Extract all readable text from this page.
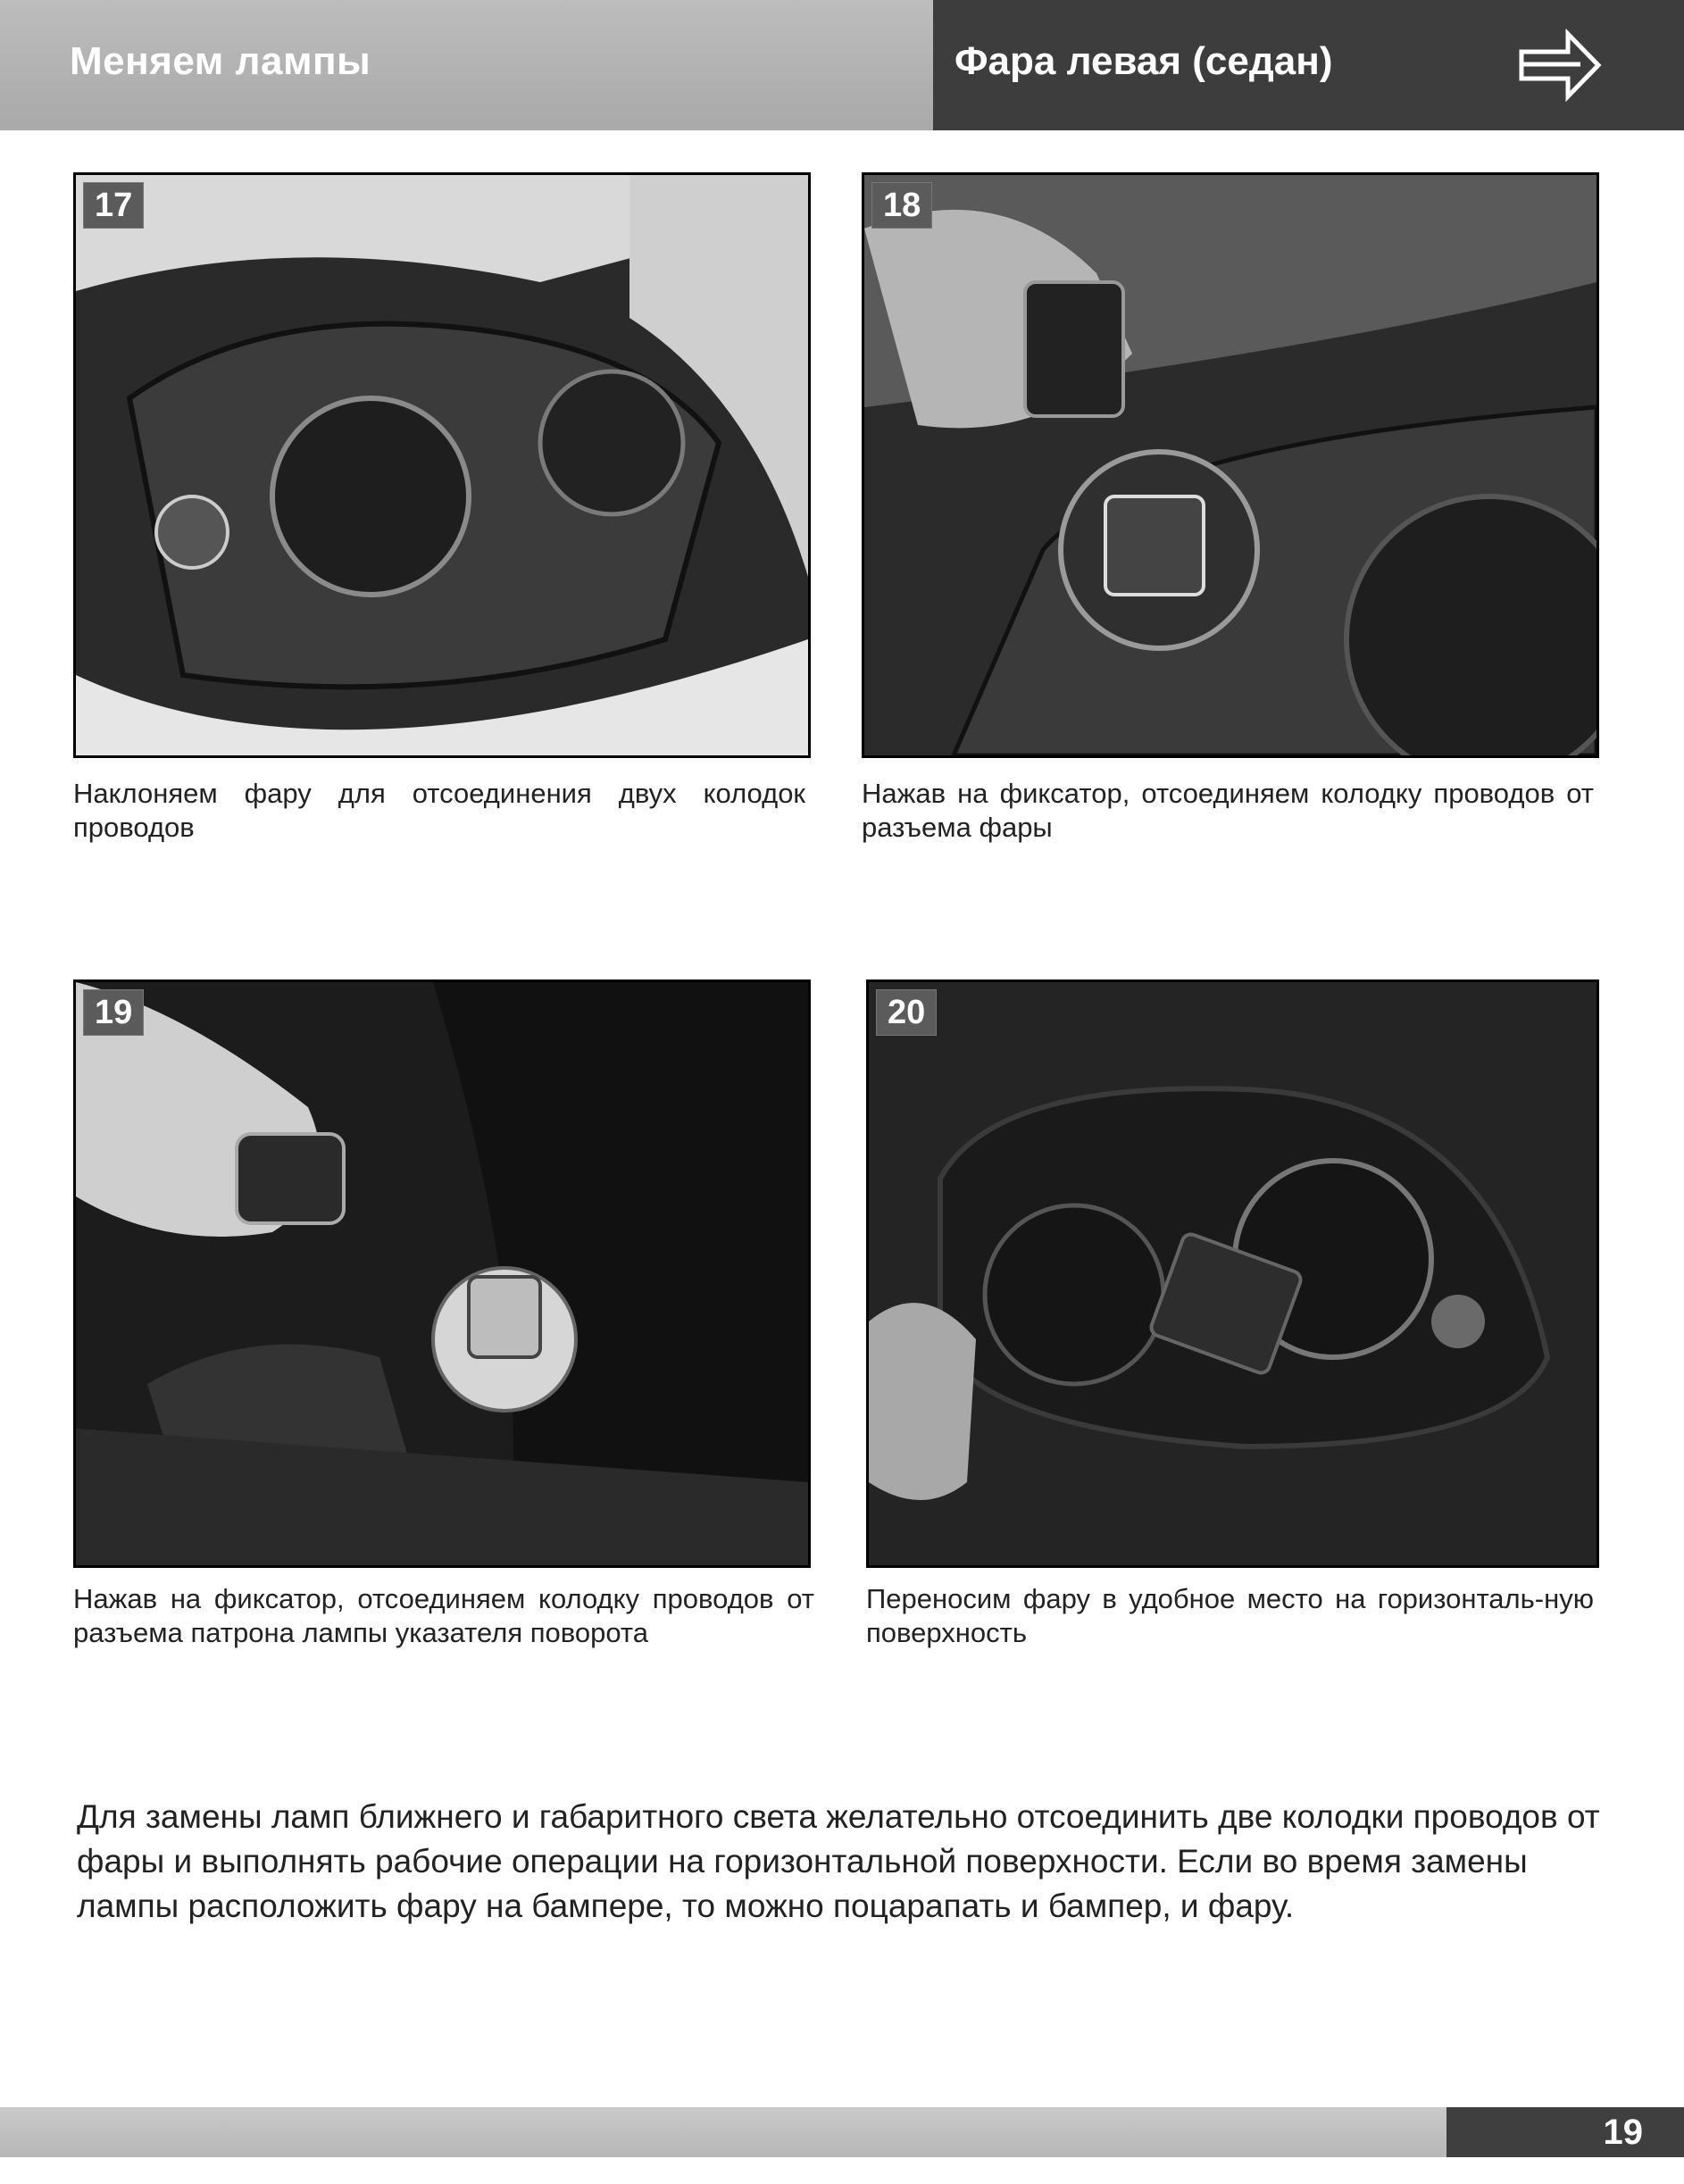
Меняем лампы	Фара левая (седан)
17
Наклоняем фару для отсоединения двух колодок проводов
18
Нажав на фиксатор, отсоединяем колодку проводов от разъема фары
19
Нажав на фиксатор, отсоединяем колодку проводов от разъема патрона лампы указателя поворота
20
Переносим фару в удобное место на горизонталь-ную поверхность
Для замены ламп ближнего и габаритного света желательно отсоединить две колодки проводов от фары и выполнять рабочие операции на горизонтальной поверхности. Если во время замены лампы расположить фару на бампере, то можно поцарапать и бампер, и фару.
19
